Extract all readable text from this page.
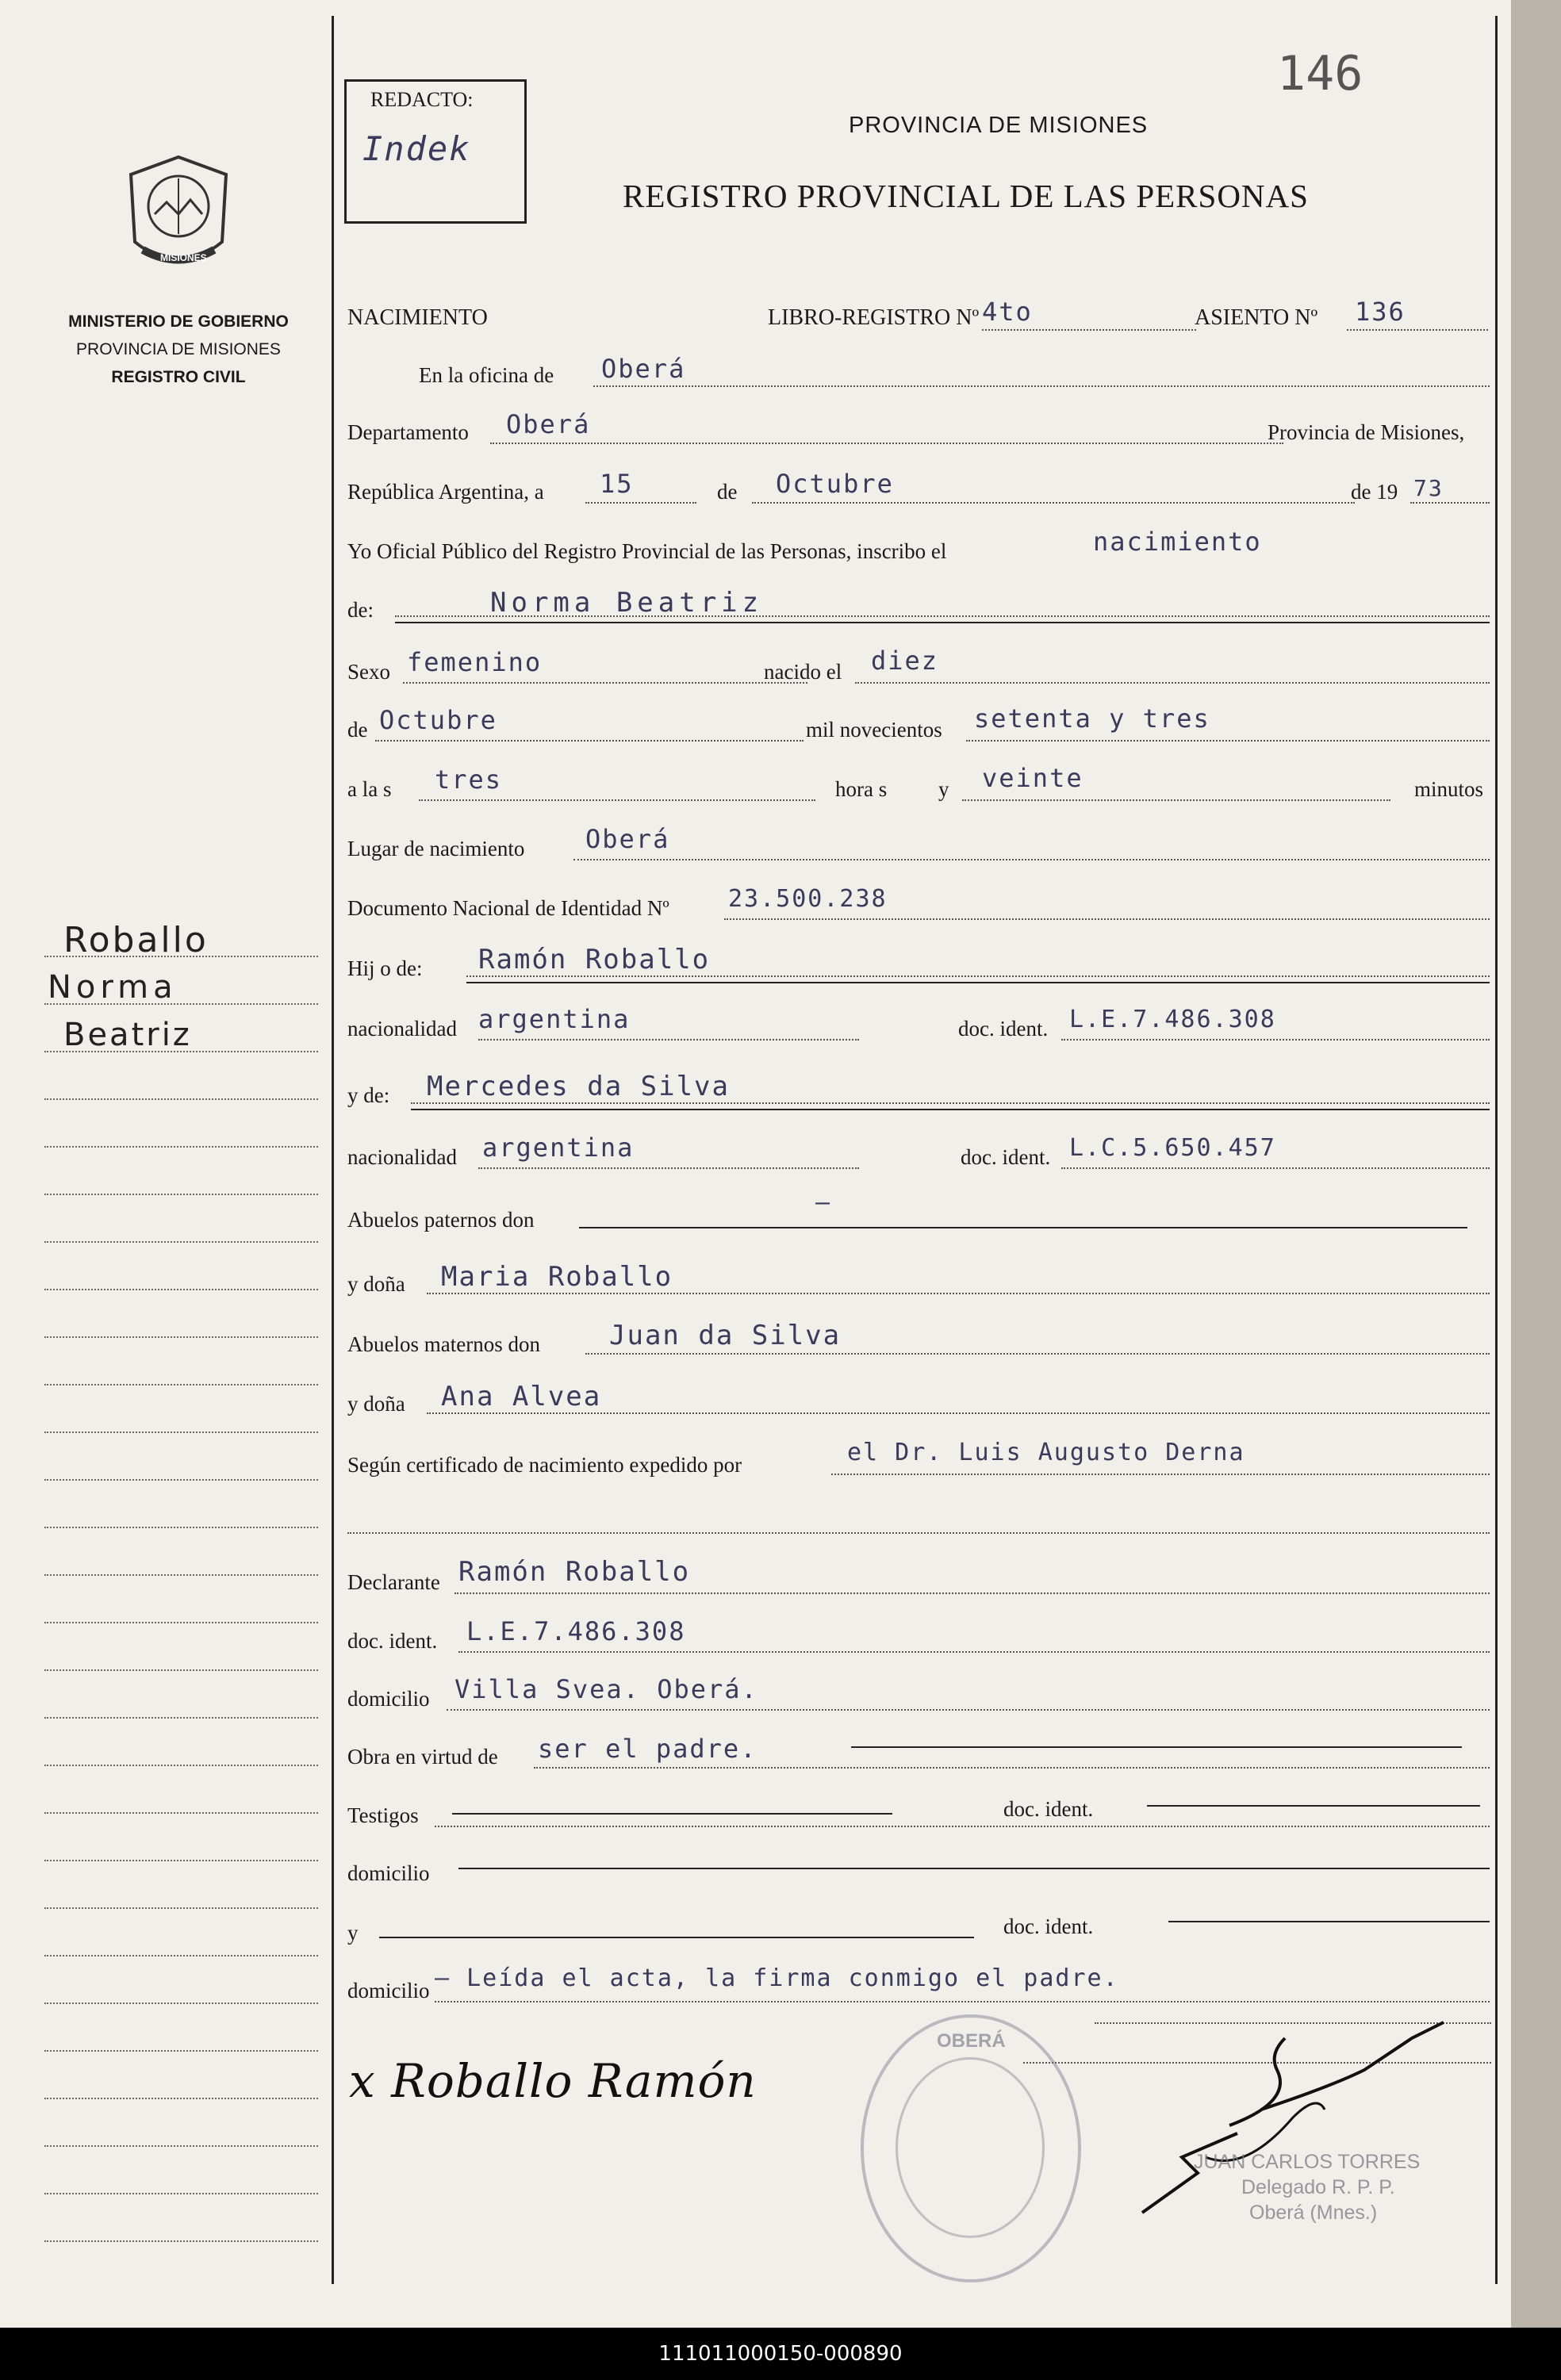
146
REDACTO:
Indek
MISIONES
MINISTERIO DE GOBIERNO
PROVINCIA DE MISIONES
REGISTRO CIVIL
PROVINCIA DE MISIONES
REGISTRO PROVINCIAL DE LAS PERSONAS
NACIMIENTO	LIBRO-REGISTRO Nº 4to	ASIENTO Nº 136
En la oficina de Oberá
Departamento Oberá	Provincia de Misiones,
República Argentina, a 15	de Octubre	de 19 73
Yo Oficial Público del Registro Provincial de las Personas, inscribo el	nacimiento
de:	Norma Beatriz
Sexo femenino	nacido el diez
de Octubre	mil novecientos setenta y tres
a la s tres	hora s y veinte	minutos
Lugar de nacimiento Oberá
Documento Nacional de Identidad Nº 23.500.238
Hij o de: Ramón Roballo
nacionalidad argentina	doc. ident. L.E.7.486.308
y de: Mercedes da Silva
nacionalidad argentina	doc. ident. L.C.5.650.457
Abuelos paternos don
–
y doña Maria Roballo
Abuelos maternos don	Juan da Silva
y doña Ana Alvea
Según certificado de nacimiento expedido por	el Dr. Luis Augusto Derna
Declarante Ramón Roballo
doc. ident. L.E.7.486.308
domicilio Villa Svea. Oberá.
Obra en virtud de ser el padre.
Testigos	doc. ident.
domicilio
y	doc. ident.
domicilio – Leída el acta, la firma conmigo el padre.
x Roballo Ramón
OBERÁ
JUAN CARLOS TORRES
Delegado R. P. P.
Oberá (Mnes.)
Roballo
Norma
Beatriz
111011000150-000890
